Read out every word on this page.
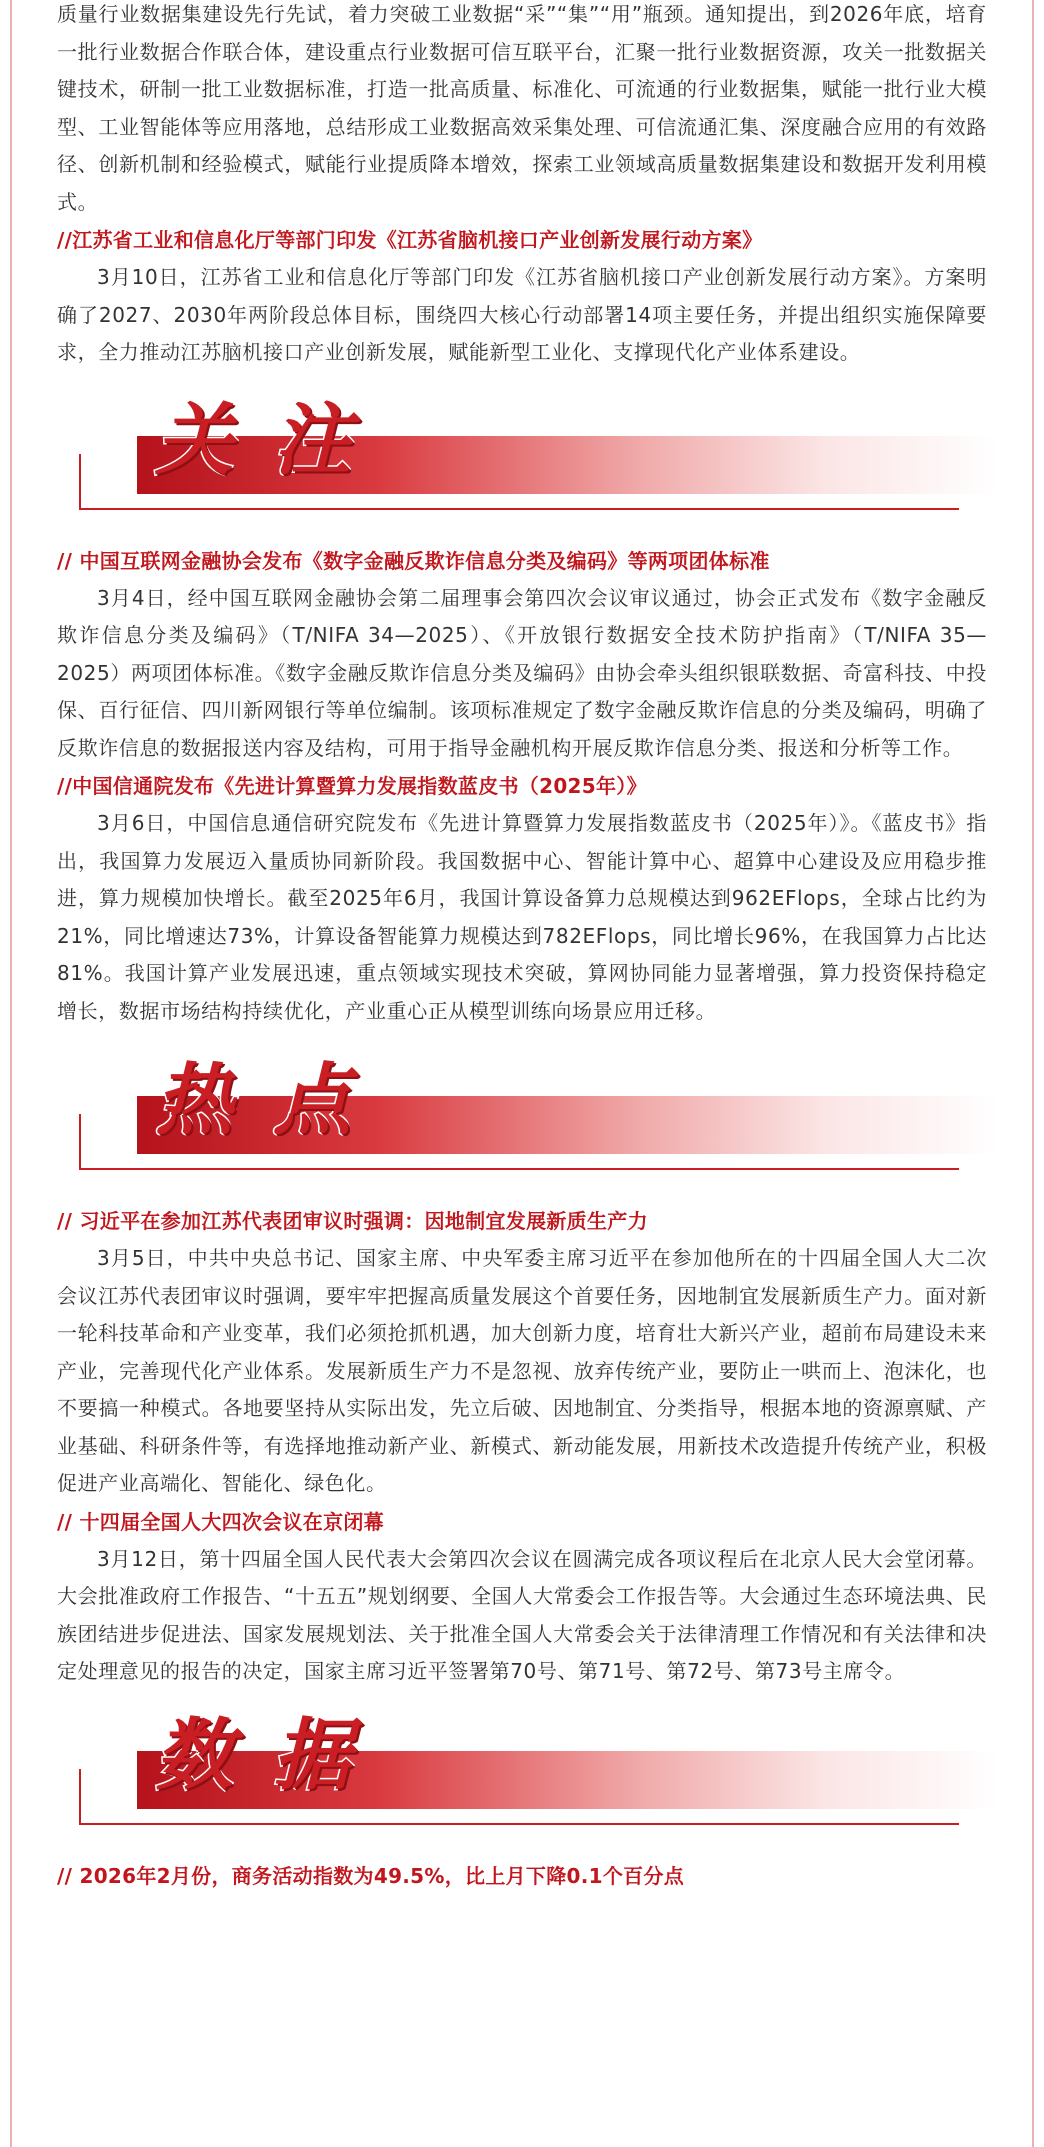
质量行业数据集建设先行先试，着力突破工业数据“采”“集”“用”瓶颈。通知提出，到2026年底，培育一批行业数据合作联合体，建设重点行业数据可信互联平台，汇聚一批行业数据资源，攻关一批数据关键技术，研制一批工业数据标准，打造一批高质量、标准化、可流通的行业数据集，赋能一批行业大模型、工业智能体等应用落地，总结形成工业数据高效采集处理、可信流通汇集、深度融合应用的有效路径、创新机制和经验模式，赋能行业提质降本增效，探索工业领域高质量数据集建设和数据开发利用模式。

//江苏省工业和信息化厅等部门印发《江苏省脑机接口产业创新发展行动方案》

3月10日，江苏省工业和信息化厅等部门印发《江苏省脑机接口产业创新发展行动方案》。方案明确了2027、2030年两阶段总体目标，围绕四大核心行动部署14项主要任务，并提出组织实施保障要求，全力推动江苏脑机接口产业创新发展，赋能新型工业化、支撑现代化产业体系建设。

关注

// 中国互联网金融协会发布《数字金融反欺诈信息分类及编码》等两项团体标准

3月4日，经中国互联网金融协会第二届理事会第四次会议审议通过，协会正式发布《数字金融反欺诈信息分类及编码》（T/NIFA 34—2025）、《开放银行数据安全技术防护指南》（T/NIFA 35—2025）两项团体标准。《数字金融反欺诈信息分类及编码》由协会牵头组织银联数据、奇富科技、中投保、百行征信、四川新网银行等单位编制。该项标准规定了数字金融反欺诈信息的分类及编码，明确了反欺诈信息的数据报送内容及结构，可用于指导金融机构开展反欺诈信息分类、报送和分析等工作。

//中国信通院发布《先进计算暨算力发展指数蓝皮书（2025年）》

3月6日，中国信息通信研究院发布《先进计算暨算力发展指数蓝皮书（2025年）》。《蓝皮书》指出，我国算力发展迈入量质协同新阶段。我国数据中心、智能计算中心、超算中心建设及应用稳步推进，算力规模加快增长。截至2025年6月，我国计算设备算力总规模达到962EFlops，全球占比约为21%，同比增速达73%，计算设备智能算力规模达到782EFlops，同比增长96%，在我国算力占比达81%。我国计算产业发展迅速，重点领域实现技术突破，算网协同能力显著增强，算力投资保持稳定增长，数据市场结构持续优化，产业重心正从模型训练向场景应用迁移。

热点

// 习近平在参加江苏代表团审议时强调：因地制宜发展新质生产力

3月5日，中共中央总书记、国家主席、中央军委主席习近平在参加他所在的十四届全国人大二次会议江苏代表团审议时强调，要牢牢把握高质量发展这个首要任务，因地制宜发展新质生产力。面对新一轮科技革命和产业变革，我们必须抢抓机遇，加大创新力度，培育壮大新兴产业，超前布局建设未来产业，完善现代化产业体系。发展新质生产力不是忽视、放弃传统产业，要防止一哄而上、泡沫化，也不要搞一种模式。各地要坚持从实际出发，先立后破、因地制宜、分类指导，根据本地的资源禀赋、产业基础、科研条件等，有选择地推动新产业、新模式、新动能发展，用新技术改造提升传统产业，积极促进产业高端化、智能化、绿色化。

// 十四届全国人大四次会议在京闭幕

3月12日，第十四届全国人民代表大会第四次会议在圆满完成各项议程后在北京人民大会堂闭幕。大会批准政府工作报告、“十五五”规划纲要、全国人大常委会工作报告等。大会通过生态环境法典、民族团结进步促进法、国家发展规划法、关于批准全国人大常委会关于法律清理工作情况和有关法律和决定处理意见的报告的决定，国家主席习近平签署第70号、第71号、第72号、第73号主席令。

数据

// 2026年2月份，商务活动指数为49.5%，比上月下降0.1个百分点
